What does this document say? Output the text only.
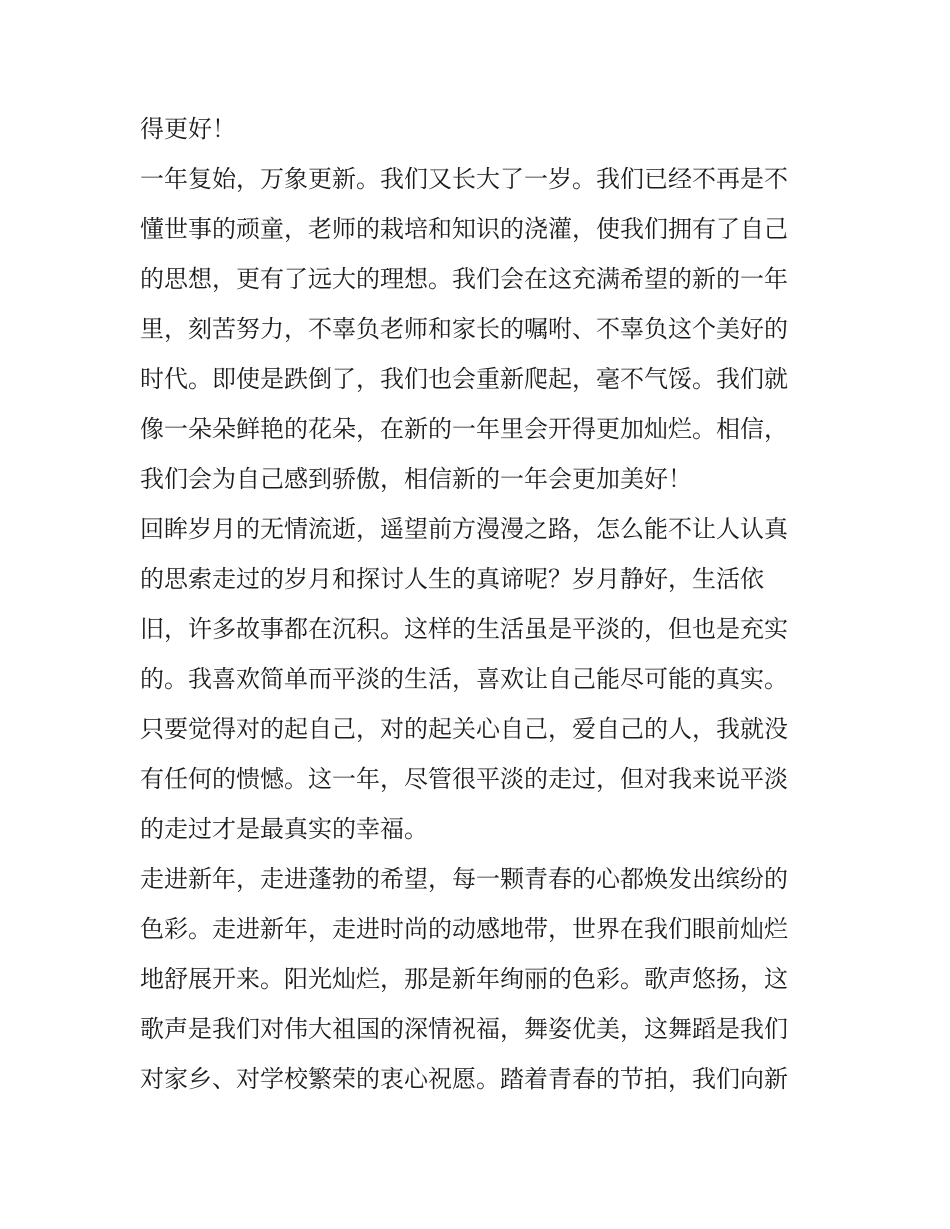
得更好！
一年复始，万象更新。我们又长大了一岁。我们已经不再是不
懂世事的顽童，老师的栽培和知识的浇灌，使我们拥有了自己
的思想，更有了远大的理想。我们会在这充满希望的新的一年
里，刻苦努力，不辜负老师和家长的嘱咐、不辜负这个美好的
时代。即使是跌倒了，我们也会重新爬起，毫不气馁。我们就
像一朵朵鲜艳的花朵，在新的一年里会开得更加灿烂。相信，
我们会为自己感到骄傲，相信新的一年会更加美好！
回眸岁月的无情流逝，遥望前方漫漫之路，怎么能不让人认真
的思索走过的岁月和探讨人生的真谛呢？岁月静好，生活依
旧，许多故事都在沉积。这样的生活虽是平淡的，但也是充实
的。我喜欢简单而平淡的生活，喜欢让自己能尽可能的真实。
只要觉得对的起自己，对的起关心自己，爱自己的人，我就没
有任何的愦憾。这一年，尽管很平淡的走过，但对我来说平淡
的走过才是最真实的幸福。
走进新年，走进蓬勃的希望，每一颗青春的心都焕发出缤纷的
色彩。走进新年，走进时尚的动感地带，世界在我们眼前灿烂
地舒展开来。阳光灿烂，那是新年绚丽的色彩。歌声悠扬，这
歌声是我们对伟大祖国的深情祝福，舞姿优美，这舞蹈是我们
对家乡、对学校繁荣的衷心祝愿。踏着青春的节拍，我们向新
